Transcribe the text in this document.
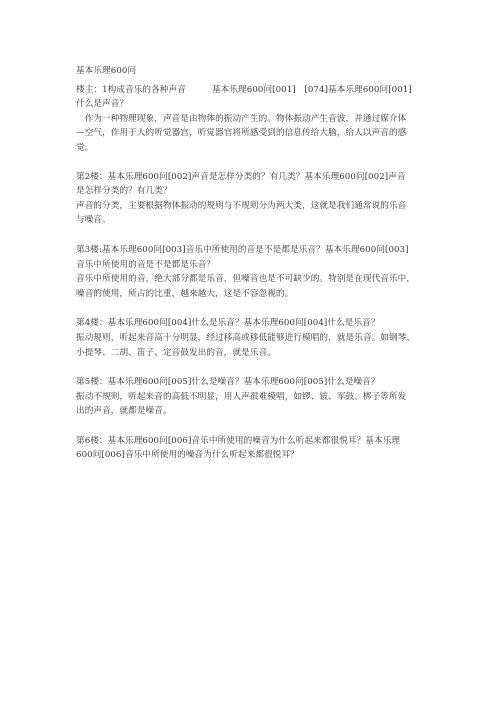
基本乐理600问
楼主：1构成音乐的各种声音　　　基本乐理600问[001]　[074]基本乐理600问[001]
什么是声音？
　作为一种物理现象，声音是由物体的振动产生的。物体振动产生音波，并通过媒介体
—空气，作用于人的听觉器官，听觉器官将所感受到的信息传给大脑，给人以声音的感
觉。
第2楼：基本乐理600问[002]声音是怎样分类的？有几类？基本乐理600问[002]声音
是怎样分类的？有几类？
声音的分类，主要根据物体振动的规则与不规则分为两大类，这就是我们通常说的乐音
与噪音。
第3楼:基本乐理600问[003]音乐中所使用的音是不是都是乐音？基本乐理600问[003]
音乐中所使用的音是不是都是乐音？
音乐中所使用的音，绝大部分都是乐音，但噪音也是不可缺少的。特别是在现代音乐中，
噪音的使用，所占的比重，越来越大，这是不容忽视的。
第4楼：基本乐理600问[004]什么是乐音？基本乐理600问[004]什么是乐音？
振动规则，听起来音高十分明显，经过移高或移低能够进行模唱的，就是乐音。如钢琴、
小提琴、二胡、笛子、定音鼓发出的音，就是乐音。
第5楼：基本乐理600问[005]什么是噪音？基本乐理600问[005]什么是噪音？
振动不规则，听起来音的高低不明显，用人声很难模唱，如锣、钹、军鼓、梆子等所发
出的声音，就都是噪音。
第6楼：基本乐理600问[006]音乐中所使用的噪音为什么听起来都很悦耳？基本乐理
600问[006]音乐中所使用的噪音为什么听起来都很悦耳？
